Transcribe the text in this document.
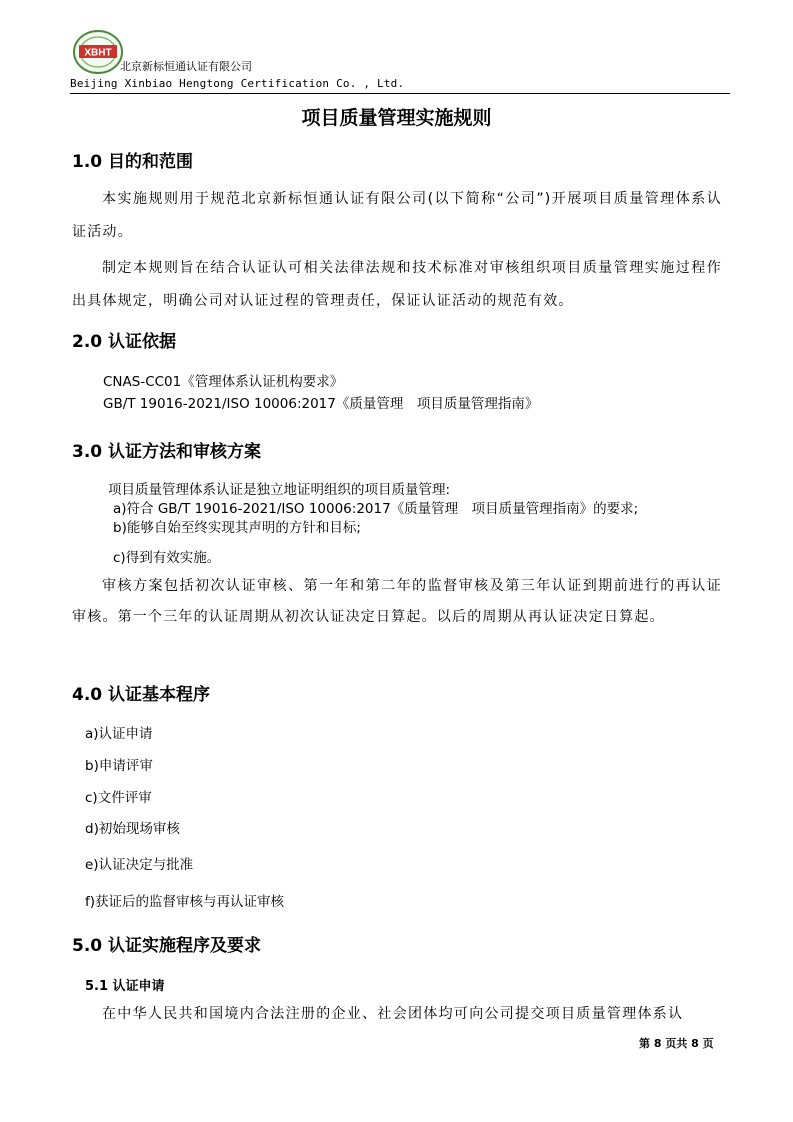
XBHT
北京新标恒通认证有限公司
Beijing Xinbiao Hengtong Certification Co. , Ltd.
项目质量管理实施规则
1.0 目的和范围
本实施规则用于规范北京新标恒通认证有限公司(以下简称“公司”)开展项目质量管理体系认证活动。
制定本规则旨在结合认证认可相关法律法规和技术标准对审核组织项目质量管理实施过程作出具体规定，明确公司对认证过程的管理责任，保证认证活动的规范有效。
2.0 认证依据
CNAS-CC01《管理体系认证机构要求》
GB/T 19016-2021/ISO 10006:2017《质量管理　项目质量管理指南》
3.0 认证方法和审核方案
项目质量管理体系认证是独立地证明组织的项目质量管理:
a)符合 GB/T 19016-2021/ISO 10006:2017《质量管理　项目质量管理指南》的要求;
b)能够自始至终实现其声明的方针和目标;
c)得到有效实施。
审核方案包括初次认证审核、第一年和第二年的监督审核及第三年认证到期前进行的再认证审核。第一个三年的认证周期从初次认证决定日算起。以后的周期从再认证决定日算起。
4.0 认证基本程序
a)认证申请
b)申请评审
c)文件评审
d)初始现场审核
e)认证决定与批准
f)获证后的监督审核与再认证审核
5.0 认证实施程序及要求
5.1 认证申请
在中华人民共和国境内合法注册的企业、社会团体均可向公司提交项目质量管理体系认
第 8 页共 8 页
